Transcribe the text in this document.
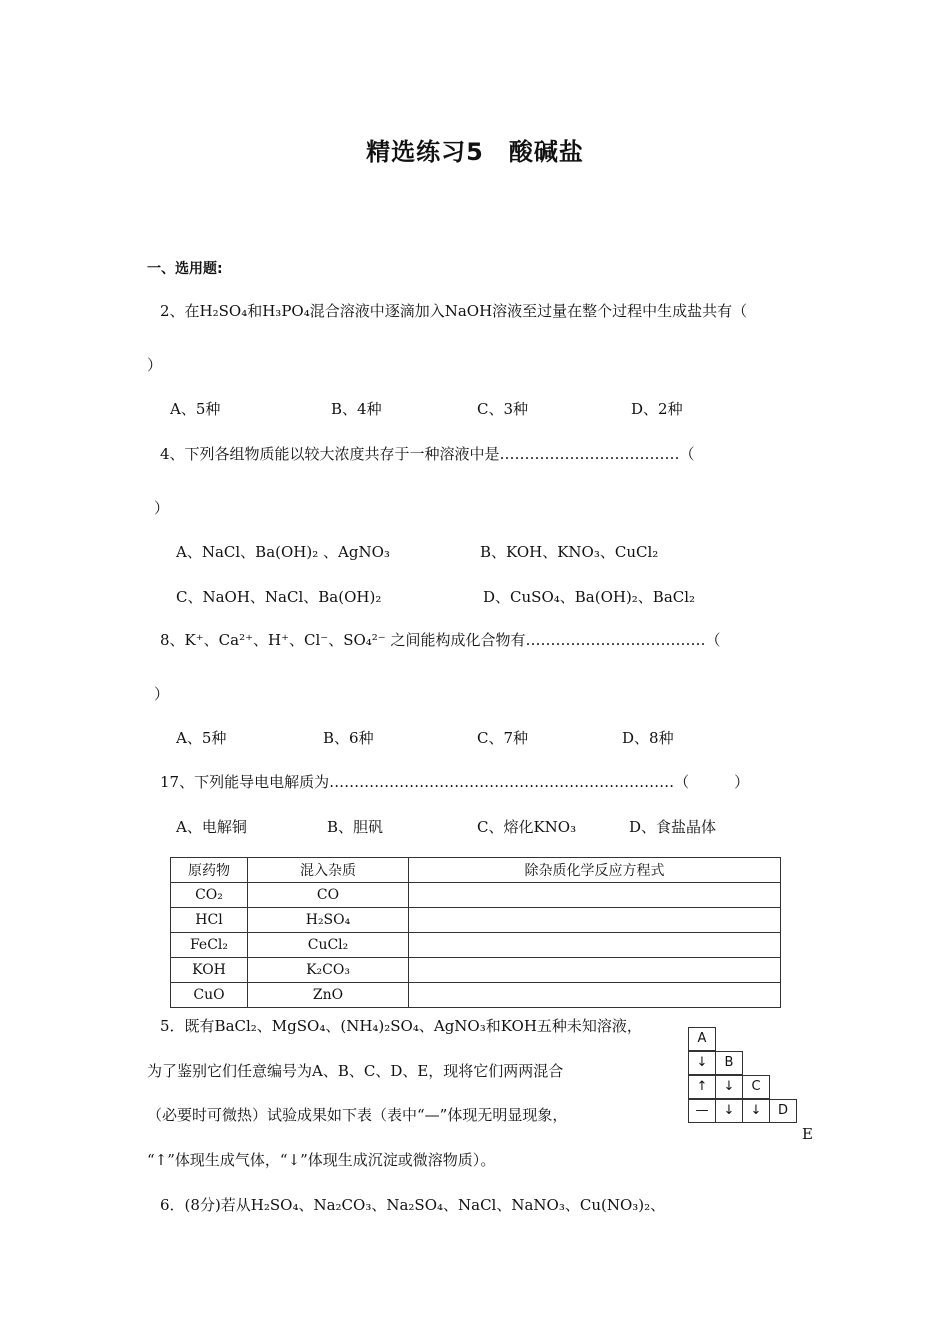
精选练习5　酸碱盐
一、选用题:
2、在H₂SO₄和H₃PO₄混合溶液中逐滴加入NaOH溶液至过量在整个过程中生成盐共有（
）
A、5种	B、4种	C、3种	D、2种
4、下列各组物质能以较大浓度共存于一种溶液中是………………………………（
）
A、NaCl、Ba(OH)₂ 、AgNO₃	B、KOH、KNO₃、CuCl₂
C、NaOH、NaCl、Ba(OH)₂	D、CuSO₄、Ba(OH)₂、BaCl₂
8、K⁺、Ca²⁺、H⁺、Cl⁻、SO₄²⁻ 之间能构成化合物有………………………………（
）
A、5种	B、6种	C、7种	D、8种
17、下列能导电电解质为……………………………………………………………（　　　）
A、电解铜	B、胆矾	C、熔化KNO₃	D、食盐晶体
原药物	混入杂质	除杂质化学反应方程式
CO₂	CO	
HCl	H₂SO₄	
FeCl₂	CuCl₂	
KOH	K₂CO₃	
CuO	ZnO	
5．既有BaCl₂、MgSO₄、(NH₄)₂SO₄、AgNO₃和KOH五种未知溶液，
为了鉴别它们任意编号为A、B、C、D、E，现将它们两两混合
（必要时可微热）试验成果如下表（表中“—”体现无明显现象，
“↑”体现生成气体，“↓”体现生成沉淀或微溶物质）。
A
↓	B
↑	↓	C
—	↓	↓	D
E
6．(8分)若从H₂SO₄、Na₂CO₃、Na₂SO₄、NaCl、NaNO₃、Cu(NO₃)₂、
